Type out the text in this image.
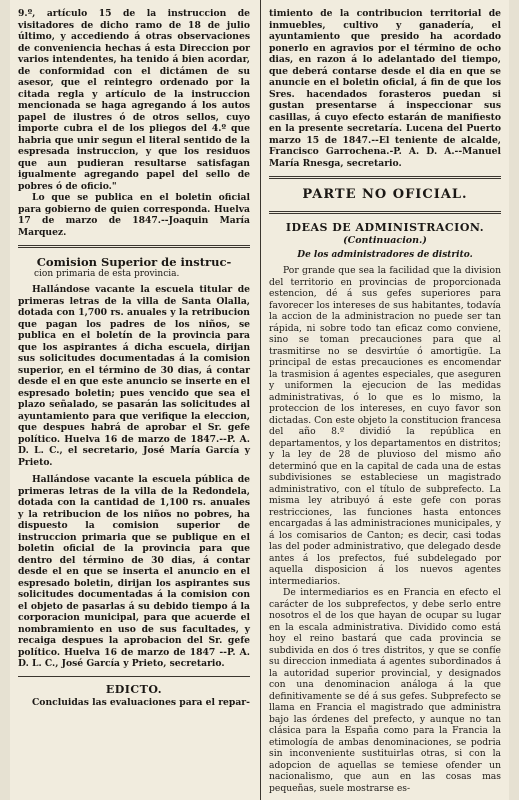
9.º, artículo 15 de la instruccion de visitadores de dicho ramo de 18 de julio último, y accediendo á otras observaciones de conveniencia hechas á esta Direccion por varios intendentes, ha tenido á bien acordar, de conformidad con el dictámen de su asesor, que el reintegro ordenado por la citada regla y artículo de la instruccion mencionada se haga agregando á los autos papel de ilustres ó de otros sellos, cuyo importe cubra el de los pliegos del 4.º que habria que unir segun el literal sentido de la espresada instruccion, y que los residuos que aun pudieran resultarse satisfagan igualmente agregando papel del sello de pobres ó de oficio."

Lo que se publica en el boletin oficial para gobierno de quien corresponda. Huelva 17 de marzo de 1847.--Joaquin María Marquez.

Comision Superior de instruc-
cion primaria de esta provincia.

Hallándose vacante la escuela titular de primeras letras de la villa de Santa Olalla, dotada con 1,700 rs. anuales y la retribucion que pagan los padres de los niños, se publica en el boletín de la provincia para que los aspirantes á dicha escuela, dirijan sus solicitudes documentadas á la comision superior, en el término de 30 dias, á contar desde el en que este anuncio se inserte en el espresado boletin; pues vencido que sea el plazo señalado, se pasarán las solicitudes al ayuntamiento para que verifique la eleccion, que despues habrá de aprobar el Sr. gefe político. Huelva 16 de marzo de 1847.--P. A. D. L. C., el secretario, José María García y Prieto.

Hallándose vacante la escuela pública de primeras letras de la villa de la Redondela, dotada con la cantidad de 1,100 rs. anuales y la retribucion de los niños no pobres, ha dispuesto la comision superior de instruccion primaria que se publique en el boletin oficial de la provincia para que dentro del término de 30 dias, á contar desde el en que se inserta el anuncio en el espresado boletin, dirijan los aspirantes sus solicitudes documentadas á la comision con el objeto de pasarlas á su debido tiempo á la corporacion municipal, para que acuerde el nombramiento en uso de sus facultades, y recaiga despues la aprobacion del Sr. gefe político. Huelva 16 de marzo de 1847 --P. A. D. L. C., José García y Prieto, secretario.

EDICTO.

Concluidas las evaluaciones para el repar-

timiento de la contribucion territorial de inmuebles, cultivo y ganadería, el ayuntamiento que presido ha acordado ponerlo en agravios por el término de ocho dias, en razon á lo adelantado del tiempo, que deberá contarse desde el dia en que se anuncie en el boletin oficial, á fin de que los Sres. hacendados forasteros puedan si gustan presentarse á inspeccionar sus casillas, á cuyo efecto estarán de manifiesto en la presente secretaría. Lucena del Puerto marzo 15 de 1847.--El teniente de alcalde, Francisco Garrochena.-P. A. D. A.--Manuel María Rnesga, secretario.

PARTE NO OFICIAL.
IDEAS DE ADMINISTRACION.
(Continuacion.)
De los administradores de distrito.

Por grande que sea la facilidad que la division del territorio en provincias de proporcionada estencion, dé á sus gefes superiores para favorecer los intereses de sus habitantes, todavía la accion de la administracion no puede ser tan rápida, ni sobre todo tan eficaz como conviene, sino se toman precauciones para que al trasmitirse no se desvirtúe ó amortigüe. La principal de estas precauciones es encomendar la trasmision á agentes especiales, que aseguren y uniformen la ejecucion de las medidas administrativas, ó lo que es lo mismo, la proteccion de los intereses, en cuyo favor son dictadas. Con este objeto la constitucion francesa del año 8.º dividió la república en departamentos, y los departamentos en distritos; y la ley de 28 de pluvioso del mismo año determinó que en la capital de cada una de estas subdivisiones se estableciese un magistrado administrativo, con el título de subprefecto. La misma ley atribuyó á este gefe con poras restricciones, las funciones hasta entonces encargadas á las administraciones municipales, y á los comisarios de Canton; es decir, casi todas las del poder administrativo, que delegado desde antes á los prefectos, fué subdelegado por aquella disposicion á los nuevos agentes intermediarios.

De intermediarios es en Francia en efecto el carácter de los subprefectos, y debe serlo entre nosotros el de los que hayan de ocupar su lugar en la escala administrativa. Dividido como está hoy el reino bastará que cada provincia se subdivida en dos ó tres distritos, y que se confíe su direccion inmediata á agentes subordinados á la autoridad superior provincial, y designados con una denominacion análoga á la que definitivamente se dé á sus gefes. Subprefecto se llama en Francia el magistrado que administra bajo las órdenes del prefecto, y aunque no tan clásica para la España como para la Francia la etimología de ambas denominaciones, se podria sin inconveniente sustituirlas otras, si con la adopcion de aquellas se temiese ofender un nacionalismo, que aun en las cosas mas pequeñas, suele mostrarse es-
